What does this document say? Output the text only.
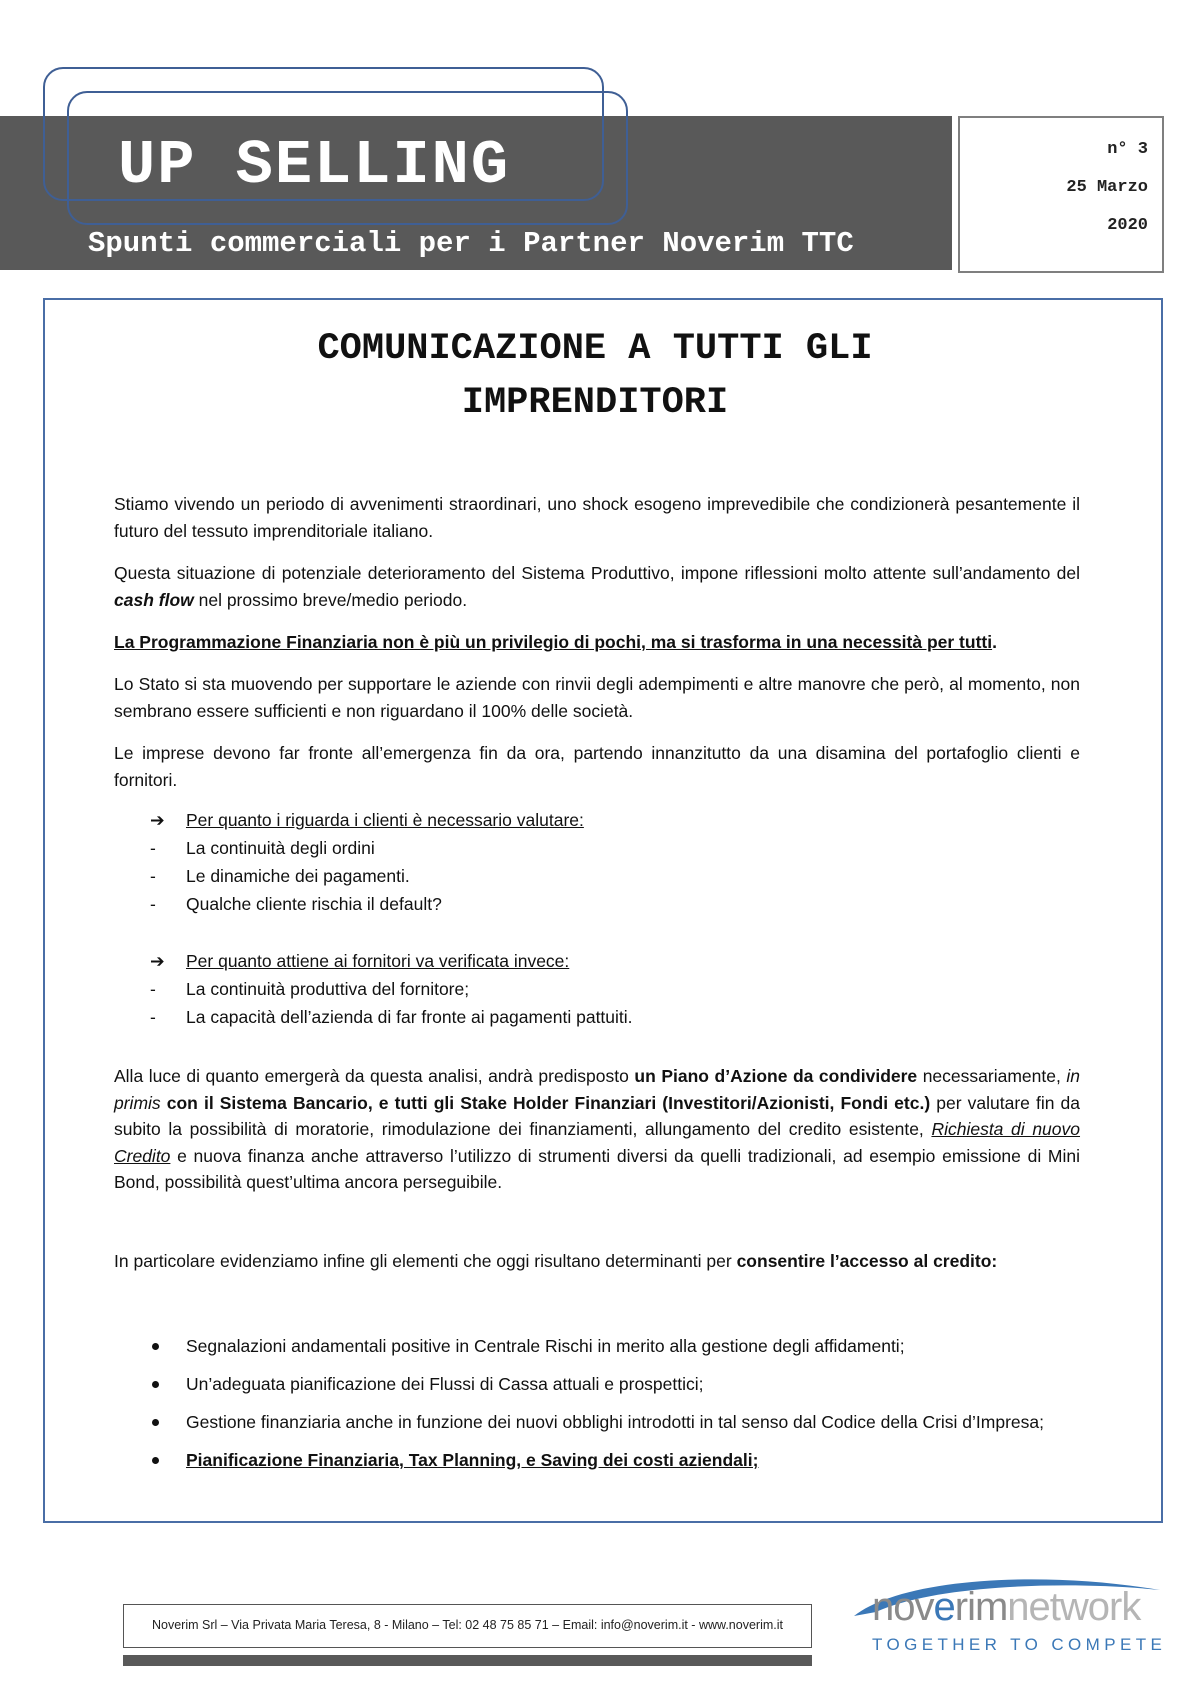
UP SELLING
Spunti commerciali per i Partner Noverim TTC
n° 3
25 Marzo
2020
COMUNICAZIONE A TUTTI GLI
IMPRENDITORI

Stiamo vivendo un periodo di avvenimenti straordinari, uno shock esogeno imprevedibile che condizionerà pesantemente il futuro del tessuto imprenditoriale italiano.

Questa situazione di potenziale deterioramento del Sistema Produttivo, impone riflessioni molto attente sull’andamento del cash flow nel prossimo breve/medio periodo.

La Programmazione Finanziaria non è più un privilegio di pochi, ma si trasforma in una necessità per tutti.

Lo Stato si sta muovendo per supportare le aziende con rinvii degli adempimenti e altre manovre che però, al momento, non sembrano essere sufficienti e non riguardano il 100% delle società.

Le imprese devono far fronte all’emergenza fin da ora, partendo innanzitutto da una disamina del portafoglio clienti e fornitori.

➔ Per quanto i riguarda i clienti è necessario valutare:
- La continuità degli ordini
- Le dinamiche dei pagamenti.
- Qualche cliente rischia il default?
➔ Per quanto attiene ai fornitori va verificata invece:
- La continuità produttiva del fornitore;
- La capacità dell’azienda di far fronte ai pagamenti pattuiti.

Alla luce di quanto emergerà da questa analisi, andrà predisposto un Piano d’Azione da condividere necessariamente, in primis con il Sistema Bancario, e tutti gli Stake Holder Finanziari (Investitori/Azionisti, Fondi etc.) per valutare fin da subito la possibilità di moratorie, rimodulazione dei finanziamenti, allungamento del credito esistente, Richiesta di nuovo Credito e nuova finanza anche attraverso l’utilizzo di strumenti diversi da quelli tradizionali, ad esempio emissione di Mini Bond, possibilità quest’ultima ancora perseguibile.

In particolare evidenziamo infine gli elementi che oggi risultano determinanti per consentire l’accesso al credito:

Segnalazioni andamentali positive in Centrale Rischi in merito alla gestione degli affidamenti;
Un’adeguata pianificazione dei Flussi di Cassa attuali e prospettici;
Gestione finanziaria anche in funzione dei nuovi obblighi introdotti in tal senso dal Codice della Crisi d’Impresa;
Pianificazione Finanziaria, Tax Planning, e Saving dei costi aziendali;
Noverim Srl – Via Privata Maria Teresa, 8 - Milano – Tel: 02 48 75 85 71 – Email: info@noverim.it - www.noverim.it	noverimnetwork
TOGETHER TO COMPETE
